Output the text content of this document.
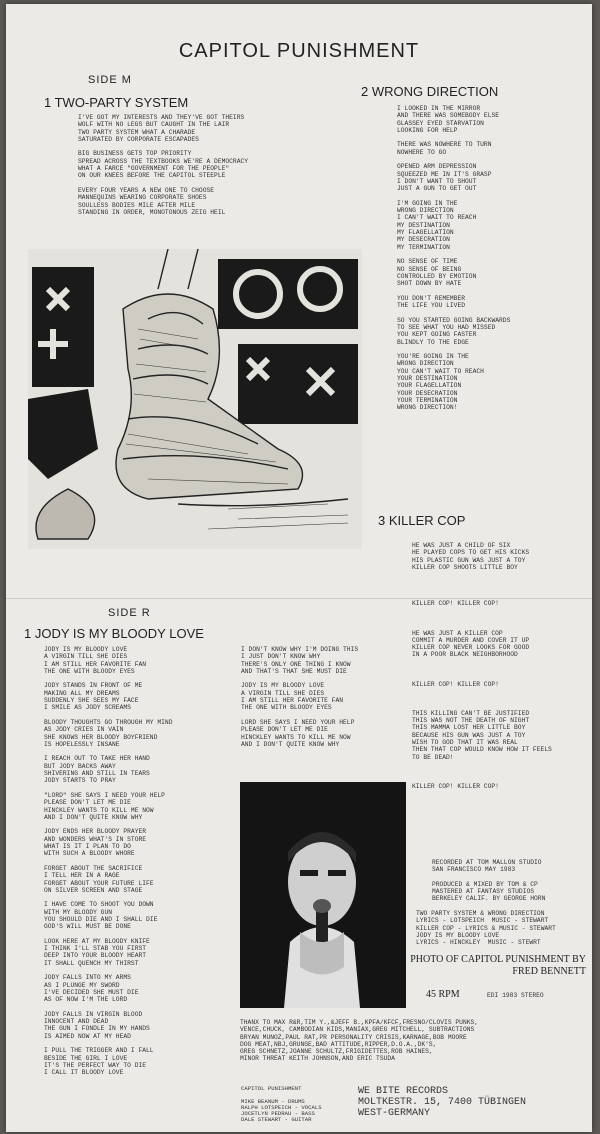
CAPITOL PUNISHMENT
SIDE M
1 TWO-PARTY SYSTEM
I'VE GOT MY INTERESTS AND THEY'VE GOT THEIRS
WOLF WITH NO LEGS BUT CAUGHT IN THE LAIR
TWO PARTY SYSTEM WHAT A CHARADE
SATURATED BY CORPORATE ESCAPADES

BIG BUSINESS GETS TOP PRIORITY
SPREAD ACROSS THE TEXTBOOKS WE'RE A DEMOCRACY
WHAT A FARCE "GOVERNMENT FOR THE PEOPLE"
ON OUR KNEES BEFORE THE CAPITOL STEEPLE

EVERY FOUR YEARS A NEW ONE TO CHOOSE
MANNEQUINS WEARING CORPORATE SHOES
SOULLESS BODIES MILE AFTER MILE
STANDING IN ORDER, MONOTONOUS ZEIG HEIL
2 WRONG DIRECTION
I LOOKED IN THE MIRROR
AND THERE WAS SOMEBODY ELSE
GLASSEY EYED STARVATION
LOOKING FOR HELP

THERE WAS NOWHERE TO TURN
NOWHERE TO GO

OPENED ARM DEPRESSION
SQUEEZED ME IN IT'S GRASP
I DON'T WANT TO SHOUT
JUST A GUN TO GET OUT

I'M GOING IN THE
WRONG DIRECTION
I CAN'T WAIT TO REACH
MY DESTINATION
MY FLAGELLATION
MY DESECRATION
MY TERMINATION

NO SENSE OF TIME
NO SENSE OF BEING
CONTROLLED BY EMOTION
SHOT DOWN BY HATE

YOU DON'T REMEMBER
THE LIFE YOU LIVED

SO YOU STARTED GOING BACKWARDS
TO SEE WHAT YOU HAD MISSED
YOU KEPT GOING FASTER
BLINDLY TO THE EDGE

YOU'RE GOING IN THE
WRONG DIRECTION
YOU CAN'T WAIT TO REACH
YOUR DESTINATION
YOUR FLAGELLATION
YOUR DESECRATION
YOUR TERMINATION
WRONG DIRECTION!
3 KILLER COP
HE WAS JUST A CHILD OF SIX
HE PLAYED COPS TO GET HIS KICKS
HIS PLASTIC GUN WAS JUST A TOY
KILLER COP SHOOTS LITTLE BOY

KILLER COP! KILLER COP!

HE WAS JUST A KILLER COP
COMMIT A MURDER AND COVER IT UP
KILLER COP NEVER LOOKS FOR GOOD
IN A POOR BLACK NEIGHBORHOOD

KILLER COP! KILLER COP!

THIS KILLING CAN'T BE JUSTIFIED
THIS WAS NOT THE DEATH OF NIGHT
THIS MAMMA LOST HER LITTLE BOY
BECAUSE HIS GUN WAS JUST A TOY
WISH TO GOD THAT IT WAS REAL
THEN THAT COP WOULD KNOW HOW IT FEELS
TO BE DEAD!

KILLER COP! KILLER COP!
SIDE R
1 JODY IS MY BLOODY LOVE
JODY IS MY BLOODY LOVE
A VIRGIN TILL SHE DIES
I AM STILL HER FAVORITE FAN
THE ONE WITH BLOODY EYES

JODY STANDS IN FRONT OF ME
MAKING ALL MY DREAMS
SUDDENLY SHE SEES MY FACE
I SMILE AS JODY SCREAMS

BLOODY THOUGHTS GO THROUGH MY MIND
AS JODY CRIES IN VAIN
SHE KNOWS HER BLOODY BOYFRIEND
IS HOPELESSLY INSANE

I REACH OUT TO TAKE HER HAND
BUT JODY BACKS AWAY
SHIVERING AND STILL IN TEARS
JODY STARTS TO PRAY

"LORD" SHE SAYS I NEED YOUR HELP
PLEASE DON'T LET ME DIE
HINCKLEY WANTS TO KILL ME NOW
AND I DON'T QUITE KNOW WHY

JODY ENDS HER BLOODY PRAYER
AND WONDERS WHAT'S IN STORE
WHAT IS IT I PLAN TO DO
WITH SUCH A BLOODY WHORE

FORGET ABOUT THE SACRIFICE
I TELL HER IN A RAGE
FORGET ABOUT YOUR FUTURE LIFE
ON SILVER SCREEN AND STAGE

I HAVE COME TO SHOOT YOU DOWN
WITH MY BLOODY GUN
YOU SHOULD DIE AND I SHALL DIE
GOD'S WILL MUST BE DONE

LOOK HERE AT MY BLOODY KNIFE
I THINK I'LL STAB YOU FIRST
DEEP INTO YOUR BLOODY HEART
IT SHALL QUENCH MY THIRST

JODY FALLS INTO MY ARMS
AS I PLUNGE MY SWORD
I'VE DECIDED SHE MUST DIE
AS OF NOW I'M THE LORD

JODY FALLS IN VIRGIN BLOOD
INNOCENT AND DEAD
THE GUN I FONDLE IN MY HANDS
IS AIMED NOW AT MY HEAD

I PULL THE TRIGGER AND I FALL
BESIDE THE GIRL I LOVE
IT'S THE PERFECT WAY TO DIE
I CALL IT BLOODY LOVE
I DON'T KNOW WHY I'M DOING THIS
I JUST DON'T KNOW WHY
THERE'S ONLY ONE THING I KNOW
AND THAT'S THAT SHE MUST DIE

JODY IS MY BLOODY LOVE
A VIRGIN TILL SHE DIES
I AM STILL HER FAVORITE FAN
THE ONE WITH BLOODY EYES

LORD SHE SAYS I NEED YOUR HELP
PLEASE DON'T LET ME DIE
HINCKLEY WANTS TO KILL ME NOW
AND I DON'T QUITE KNOW WHY
RECORDED AT TOM MALLON STUDIO
SAN FRANCISCO MAY 1983

PRODUCED & MIXED BY TOM & CP
MASTERED AT FANTASY STUDIOS
BERKELEY CALIF. BY GEORGE HORN
TWO PARTY SYSTEM & WRONG DIRECTION
LYRICS - LOTSPEICH  MUSIC - STEWART
KILLER COP - LYRICS & MUSIC - STEWART
JODY IS MY BLOODY LOVE
LYRICS - HINCKLEY  MUSIC - STEWRT
PHOTO OF CAPITOL PUNISHMENT BY FRED BENNETT
45 RPM	EDI 1983 STEREO
THANX TO MAX R&R,TIM Y.,&JEFF B.,KPFA/KFCF,FRESNO/CLOVIS PUNKS,
VENCE,CHUCK, CAMBODIAN KIDS,MANIAX,GREG MITCHELL, SUBTRACTIONS
BRYAN MUNOZ,PAUL RAT,PR PERSONALITY CRISIS,KARNAGE,BOB MOORE
DOG MEAT,NBJ,GRUNGE,BAD ATTITUDE,RIPPER,D.O.A.,DK'S,
GREG SCHNETZ,JOANNE SCHULTZ,FRIGIDETTES,ROB HAINES,
MINOR THREAT KEITH JOHNSON,AND ERIC TSUDA
CAPITOL PUNISHMENT

MIKE BEANUM - DRUMS
RALPH LOTSPEICH - VOCALS
JOCETLYN PEDRAU - BASS
DALE STEWART - GUITAR
WE BITE RECORDS
MOLTKESTR. 15, 7400 TÜBINGEN
WEST-GERMANY
